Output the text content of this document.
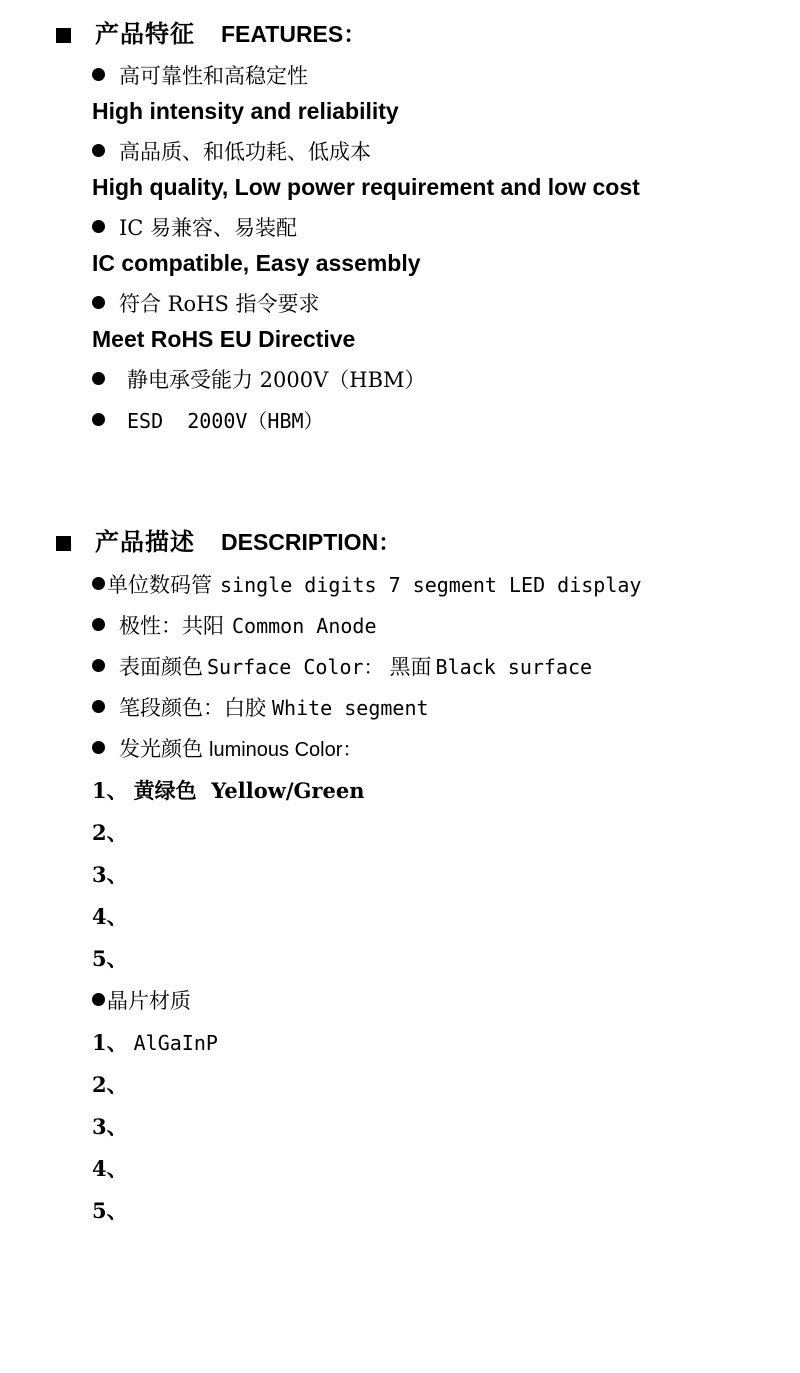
产品特征 FEATURES：
高可靠性和高稳定性
High intensity and reliability
高品质、和低功耗、低成本
High quality, Low power requirement and low cost
IC 易兼容、易装配
IC compatible, Easy assembly
符合 RoHS 指令要求
Meet RoHS EU Directive
静电承受能力 2000V（HBM）
ESD  2000V（HBM）
产品描述 DESCRIPTION：
单位数码管 single digits 7 segment LED display
极性：共阳 Common Anode
表面颜色 Surface Color： 黑面 Black surface
笔段颜色：白胶 White segment
发光颜色 luminous Color：
1、 黄绿色  Yellow/Green
2、
3、
4、
5、
晶片材质
1、 AlGaInP
2、
3、
4、
5、
